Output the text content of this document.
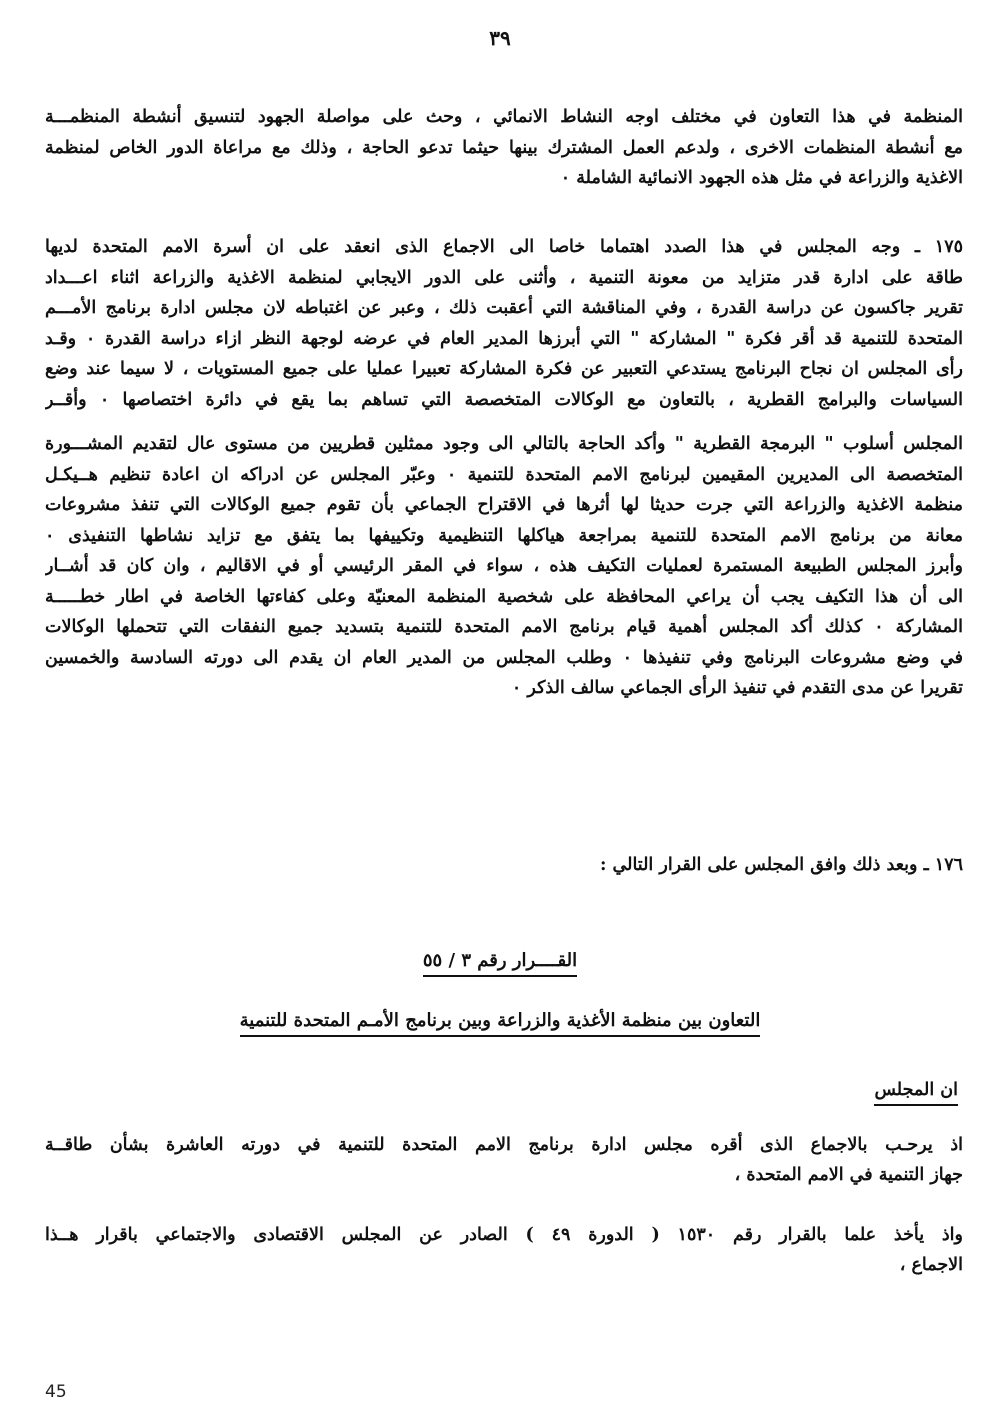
٣٩
المنظمة في هذا التعاون في مختلف اوجه النشاط الانمائي ، وحث على مواصلة الجهود لتنسيق أنشطة المنظمـــة
مع أنشطة المنظمات الاخرى ، ولدعم العمل المشترك بينها حيثما تدعو الحاجة ، وذلك مع مراعاة الدور الخاص لمنظمة
الاغذية والزراعة في مثل هذه الجهود الانمائية الشاملة ٠
١٧٥ ـ وجه المجلس في هذا الصدد اهتماما خاصا الى الاجماع الذى انعقد على ان أسرة الامم المتحدة لديها
طاقة على ادارة قدر متزايد من معونة التنمية ، وأثنى على الدور الايجابي لمنظمة الاغذية والزراعة اثناء اعـــداد
تقرير جاكسون عن دراسة القدرة ، وفي المناقشة التي أعقبت ذلك ، وعبر عن اغتباطه لان مجلس ادارة برنامج الأمـــم
المتحدة للتنمية قد أقر فكرة " المشاركة " التي أبرزها المدير العام في عرضه لوجهة النظر ازاء دراسة القدرة ٠ وقـد
رأى المجلس ان نجاح البرنامج يستدعي التعبير عن فكرة المشاركة تعبيرا عمليا على جميع المستويات ، لا سيما عند وضع
السياسات والبرامج القطرية ، بالتعاون مع الوكالات المتخصصة التي تساهم بما يقع في دائرة اختصاصها ٠ وأقــر
المجلس أسلوب " البرمجة القطرية " وأكد الحاجة بالتالي الى وجود ممثلين قطريين من مستوى عال لتقديم المشـــورة
المتخصصة الى المديرين المقيمين لبرنامج الامم المتحدة للتنمية ٠ وعبّر المجلس عن ادراكه ان اعادة تنظيم هــيكـل
منظمة الاغذية والزراعة التي جرت حديثا لها أثرها في الاقتراح الجماعي بأن تقوم جميع الوكالات التي تنفذ مشروعات
معانة من برنامج الامم المتحدة للتنمية بمراجعة هياكلها التنظيمية وتكييفها بما يتفق مع تزايد نشاطها التنفيذى ٠
وأبرز المجلس الطبيعة المستمرة لعمليات التكيف هذه ، سواء في المقر الرئيسي أو في الاقاليم ، وان كان قد أشــار
الى أن هذا التكيف يجب أن يراعي المحافظة على شخصية المنظمة المعنيّة وعلى كفاءتها الخاصة في اطار خطـــــة
المشاركة ٠ كذلك أكد المجلس أهمية قيام برنامج الامم المتحدة للتنمية بتسديد جميع النفقات التي تتحملها الوكالات
في وضع مشروعات البرنامج وفي تنفيذها ٠ وطلب المجلس من المدير العام ان يقدم الى دورته السادسة والخمسين
تقريرا عن مدى التقدم في تنفيذ الرأى الجماعي سالف الذكر ٠
١٧٦ ـ وبعد ذلك وافق المجلس على القرار التالي :
القــــرار رقم ٣ / ٥٥
التعاون بين منظمة الأغذية والزراعة وبين برنامج الأمـم المتحدة للتنمية
ان المجلس
اذ يرحـب بالاجماع الذى أقره مجلس ادارة برنامج الامم المتحدة للتنمية في دورته العاشرة بشأن طاقــة
جهاز التنمية في الامم المتحدة ،
واذ يأخذ علما بالقرار رقم ١٥٣٠ ( الدورة ٤٩ ) الصادر عن المجلس الاقتصادى والاجتماعي باقرار هــذا
الاجماع ،
45
